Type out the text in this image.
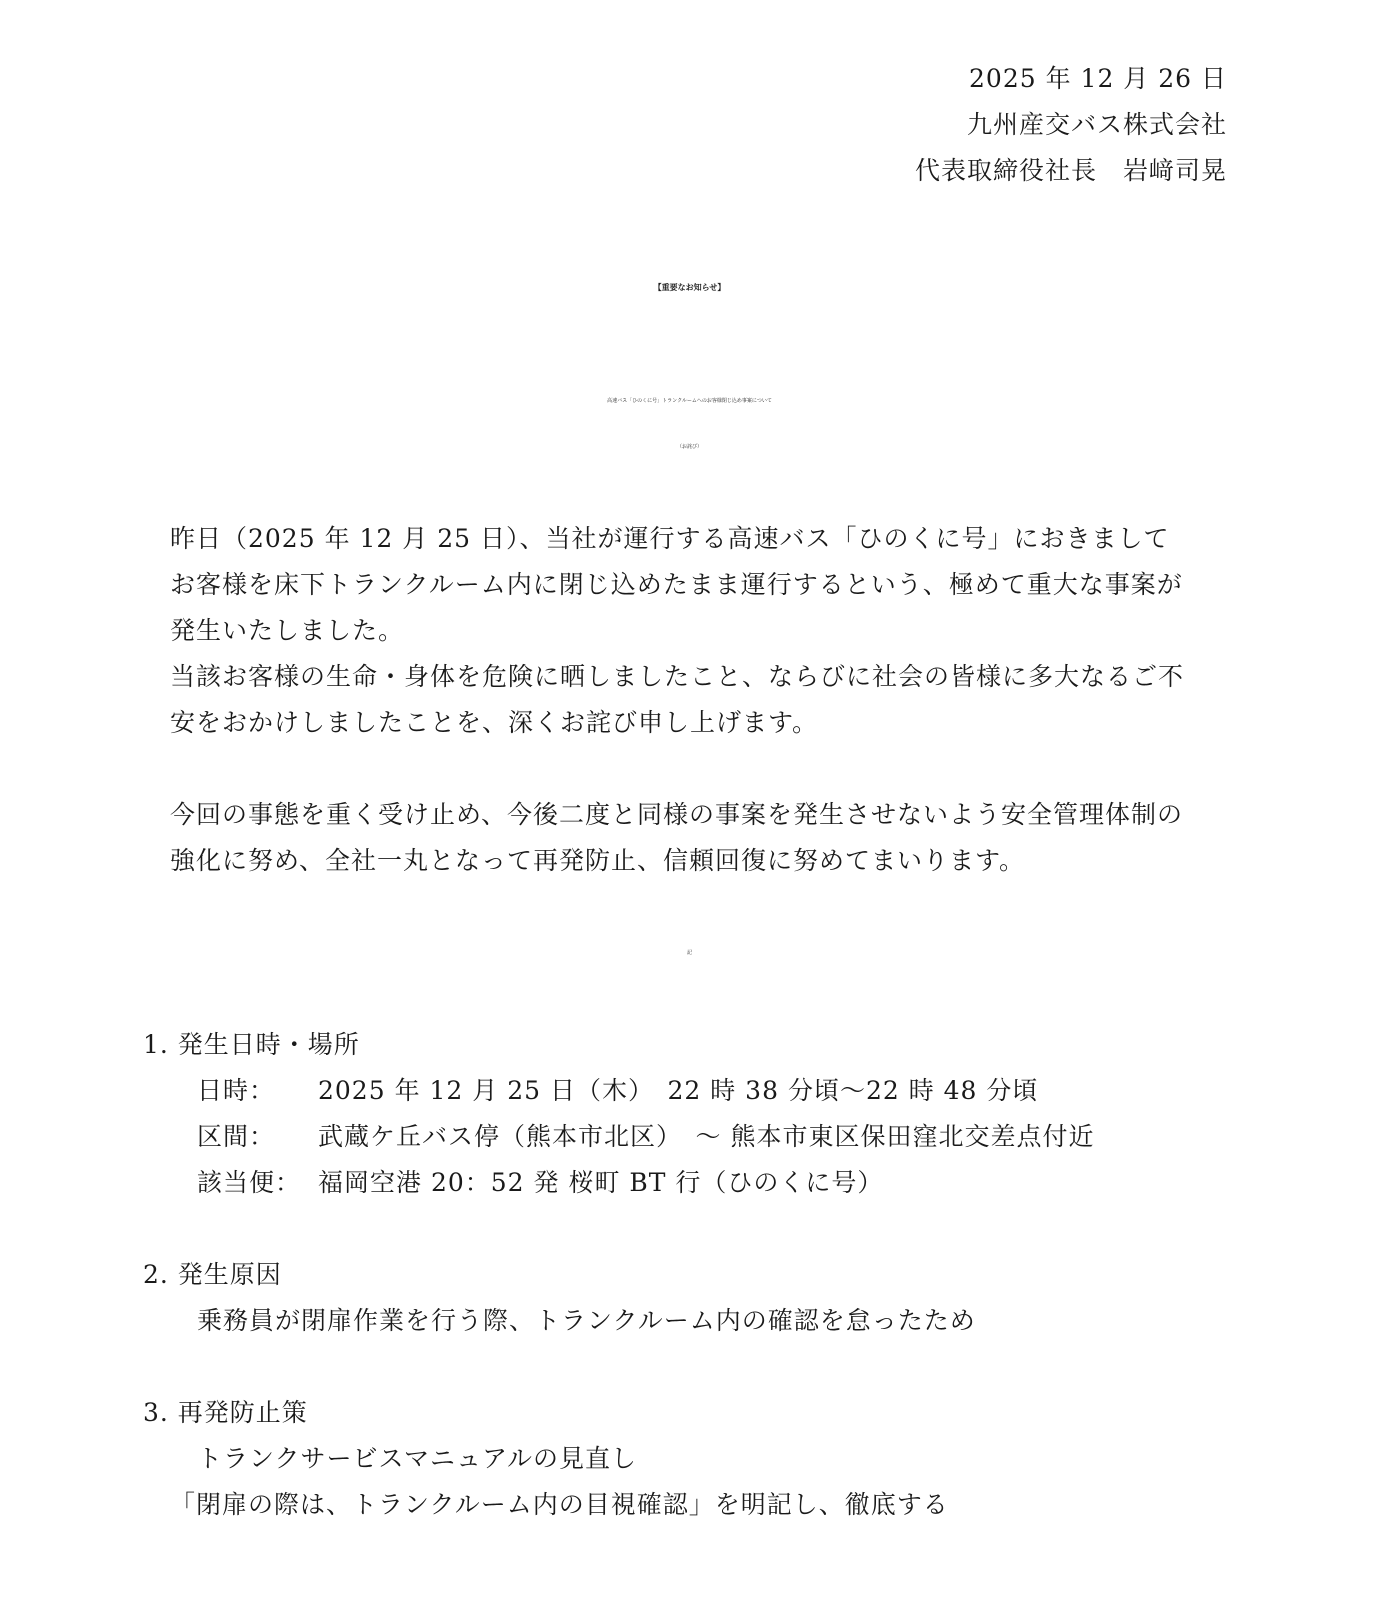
2025 年 12 月 26 日
九州産交バス株式会社
代表取締役社長　岩﨑司晃
【重要なお知らせ】
高速バス「ひのくに号」トランクルームへのお客様閉じ込め事案について
（お詫び）
昨日（2025 年 12 月 25 日）、当社が運行する高速バス「ひのくに号」におきまして
お客様を床下トランクルーム内に閉じ込めたまま運行するという、極めて重大な事案が
発生いたしました。
当該お客様の生命・身体を危険に晒しましたこと、ならびに社会の皆様に多大なるご不
安をおかけしましたことを、深くお詫び申し上げます。
今回の事態を重く受け止め、今後二度と同様の事案を発生させないよう安全管理体制の
強化に努め、全社一丸となって再発防止、信頼回復に努めてまいります。
記
1. 発生日時・場所
日時： 2025 年 12 月 25 日（木）　22 時 38 分頃～22 時 48 分頃
区間： 武蔵ケ丘バス停（熊本市北区）　～ 熊本市東区保田窪北交差点付近
該当便： 福岡空港 20：52 発 桜町 BT 行（ひのくに号）
2. 発生原因
乗務員が閉扉作業を行う際、トランクルーム内の確認を怠ったため
3. 再発防止策
トランクサービスマニュアルの見直し
「閉扉の際は、トランクルーム内の目視確認」を明記し、徹底する
